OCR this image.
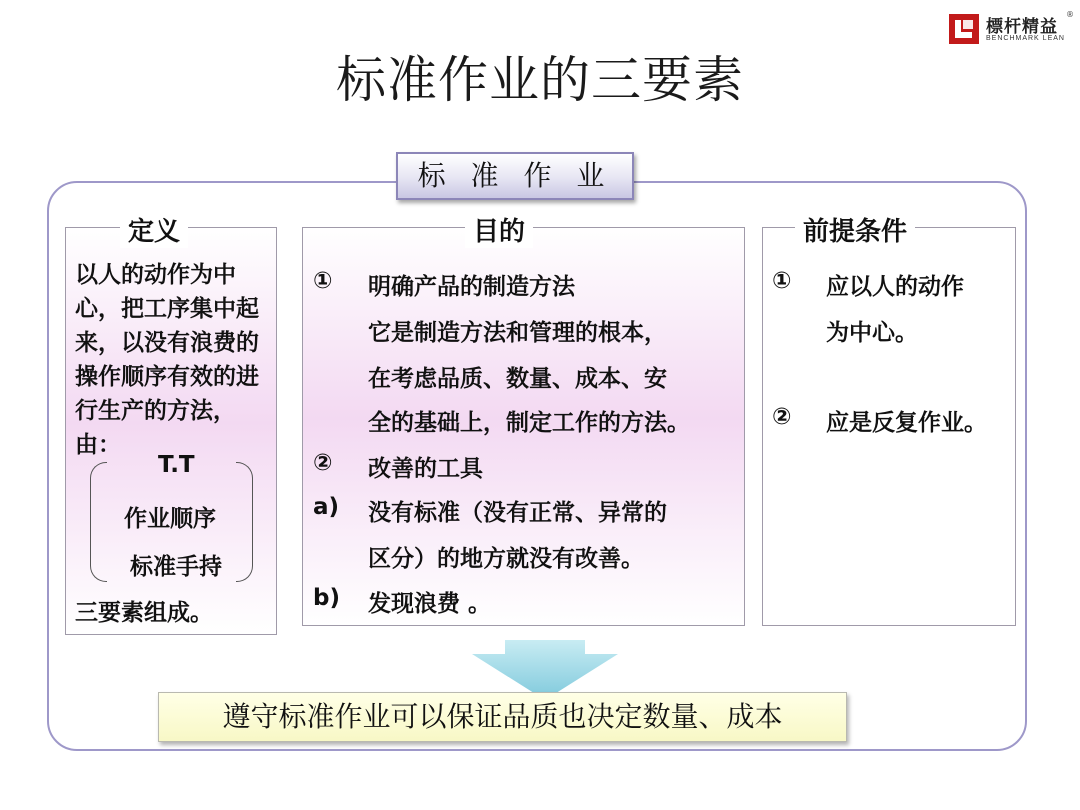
標杆精益
®
BENCHMARK LEAN
标准作业的三要素
标 准 作 业
定义
以人的动作为中心，把工序集中起来，以没有浪费的操作顺序有效的进行生产的方法，由：
T.T
作业顺序
标准手持
三要素组成。
目的
① 明确产品的制造方法
它是制造方法和管理的根本，
在考虑品质、数量、成本、安
全的基础上，制定工作的方法。
② 改善的工具
a) 没有标准（没有正常、异常的
区分）的地方就没有改善。
b) 发现浪费 。
前提条件
① 应以人的动作
为中心。
② 应是反复作业。
遵守标准作业可以保证品质也决定数量、成本
